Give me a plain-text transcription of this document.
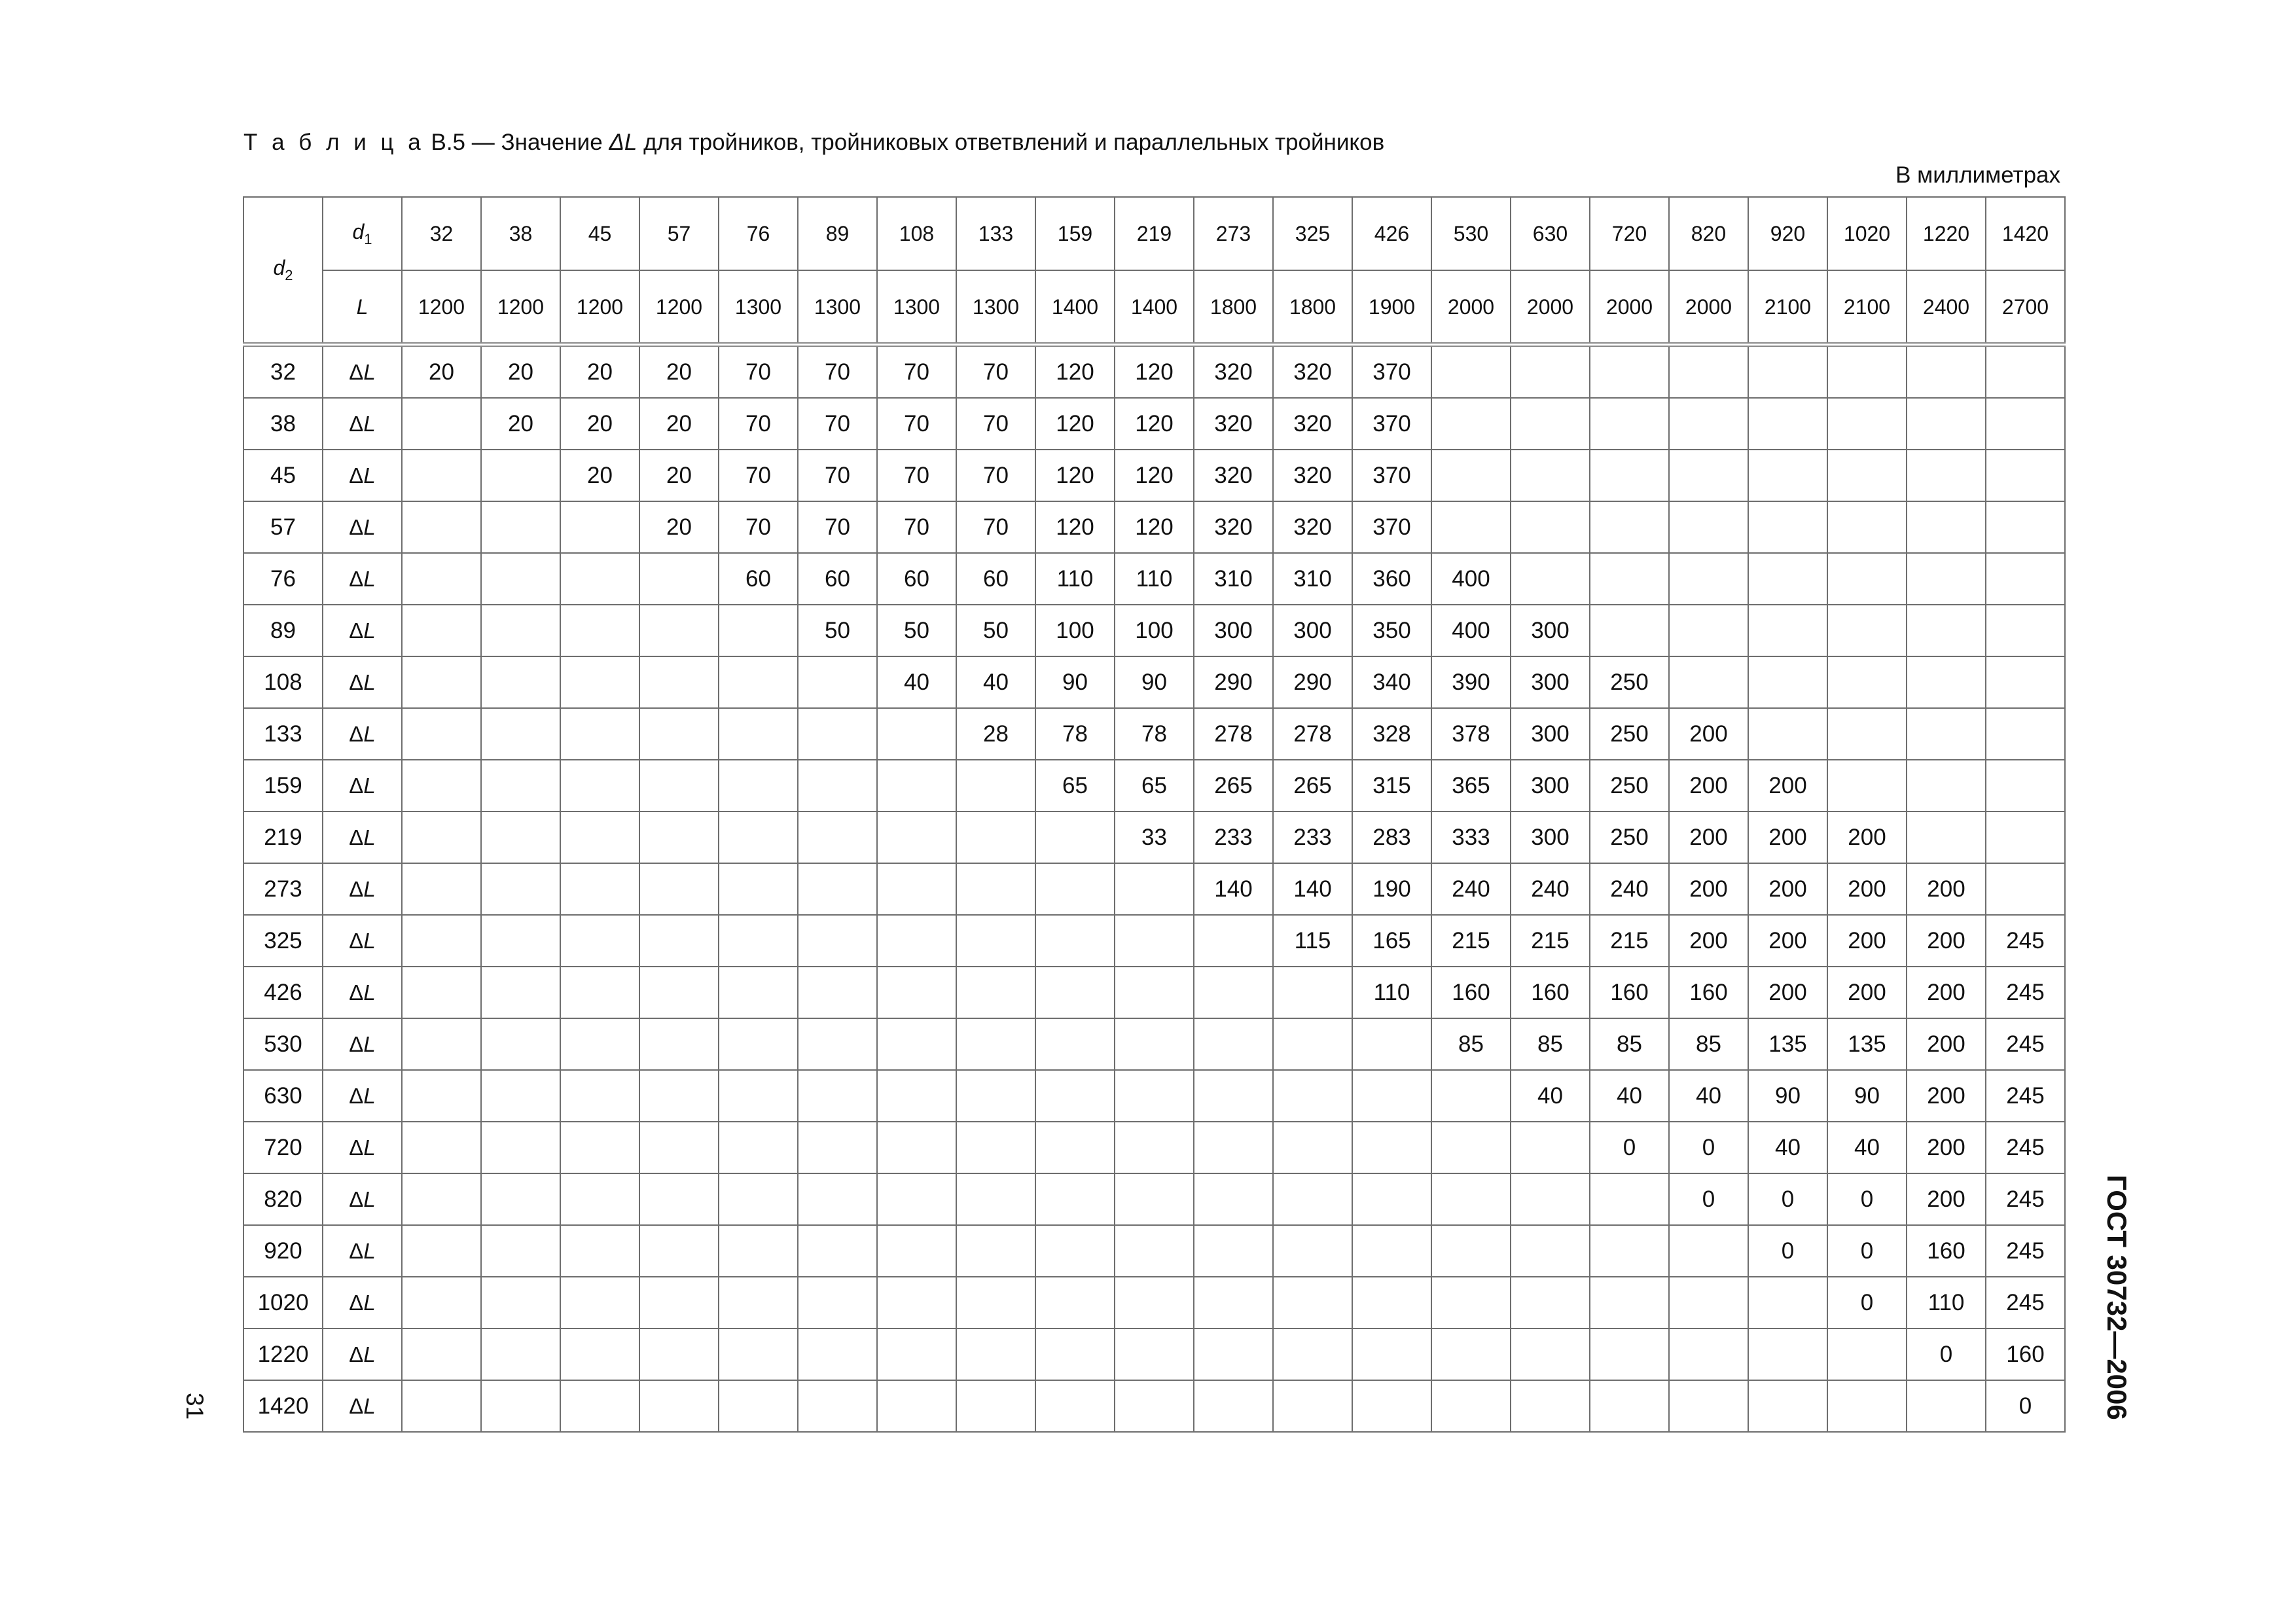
Т а б л и ц а В.5 — Значение ΔL для тройников, тройниковых ответвлений и параллельных тройников
В миллиметрах
$d_2$	$d_1$	32	38	45	57	76	89	108	133	159	219	273	325	426	530	630	720	820	920	1020	1220	1420
	L	1200	1200	1200	1200	1300	1300	1300	1300	1400	1400	1800	1800	1900	2000	2000	2000	2000	2100	2100	2400	2700
32	ΔL	20	20	20	20	70	70	70	70	120	120	320	320	370								
38	ΔL		20	20	20	70	70	70	70	120	120	320	320	370								
45	ΔL			20	20	70	70	70	70	120	120	320	320	370								
57	ΔL				20	70	70	70	70	120	120	320	320	370								
76	ΔL					60	60	60	60	110	110	310	310	360	400							
89	ΔL						50	50	50	100	100	300	300	350	400	300						
108	ΔL							40	40	90	90	290	290	340	390	300	250					
133	ΔL								28	78	78	278	278	328	378	300	250	200				
159	ΔL									65	65	265	265	315	365	300	250	200	200			
219	ΔL										33	233	233	283	333	300	250	200	200	200		
273	ΔL											140	140	190	240	240	240	200	200	200	200	
325	ΔL												115	165	215	215	215	200	200	200	200	245
426	ΔL													110	160	160	160	160	200	200	200	245
530	ΔL														85	85	85	85	135	135	200	245
630	ΔL															40	40	40	90	90	200	245
720	ΔL																0	0	40	40	200	245
820	ΔL																	0	0	0	200	245
920	ΔL																		0	0	160	245
1020	ΔL																			0	110	245
1220	ΔL																				0	160
1420	ΔL																					0	ГОСТ 30732—2006
31
